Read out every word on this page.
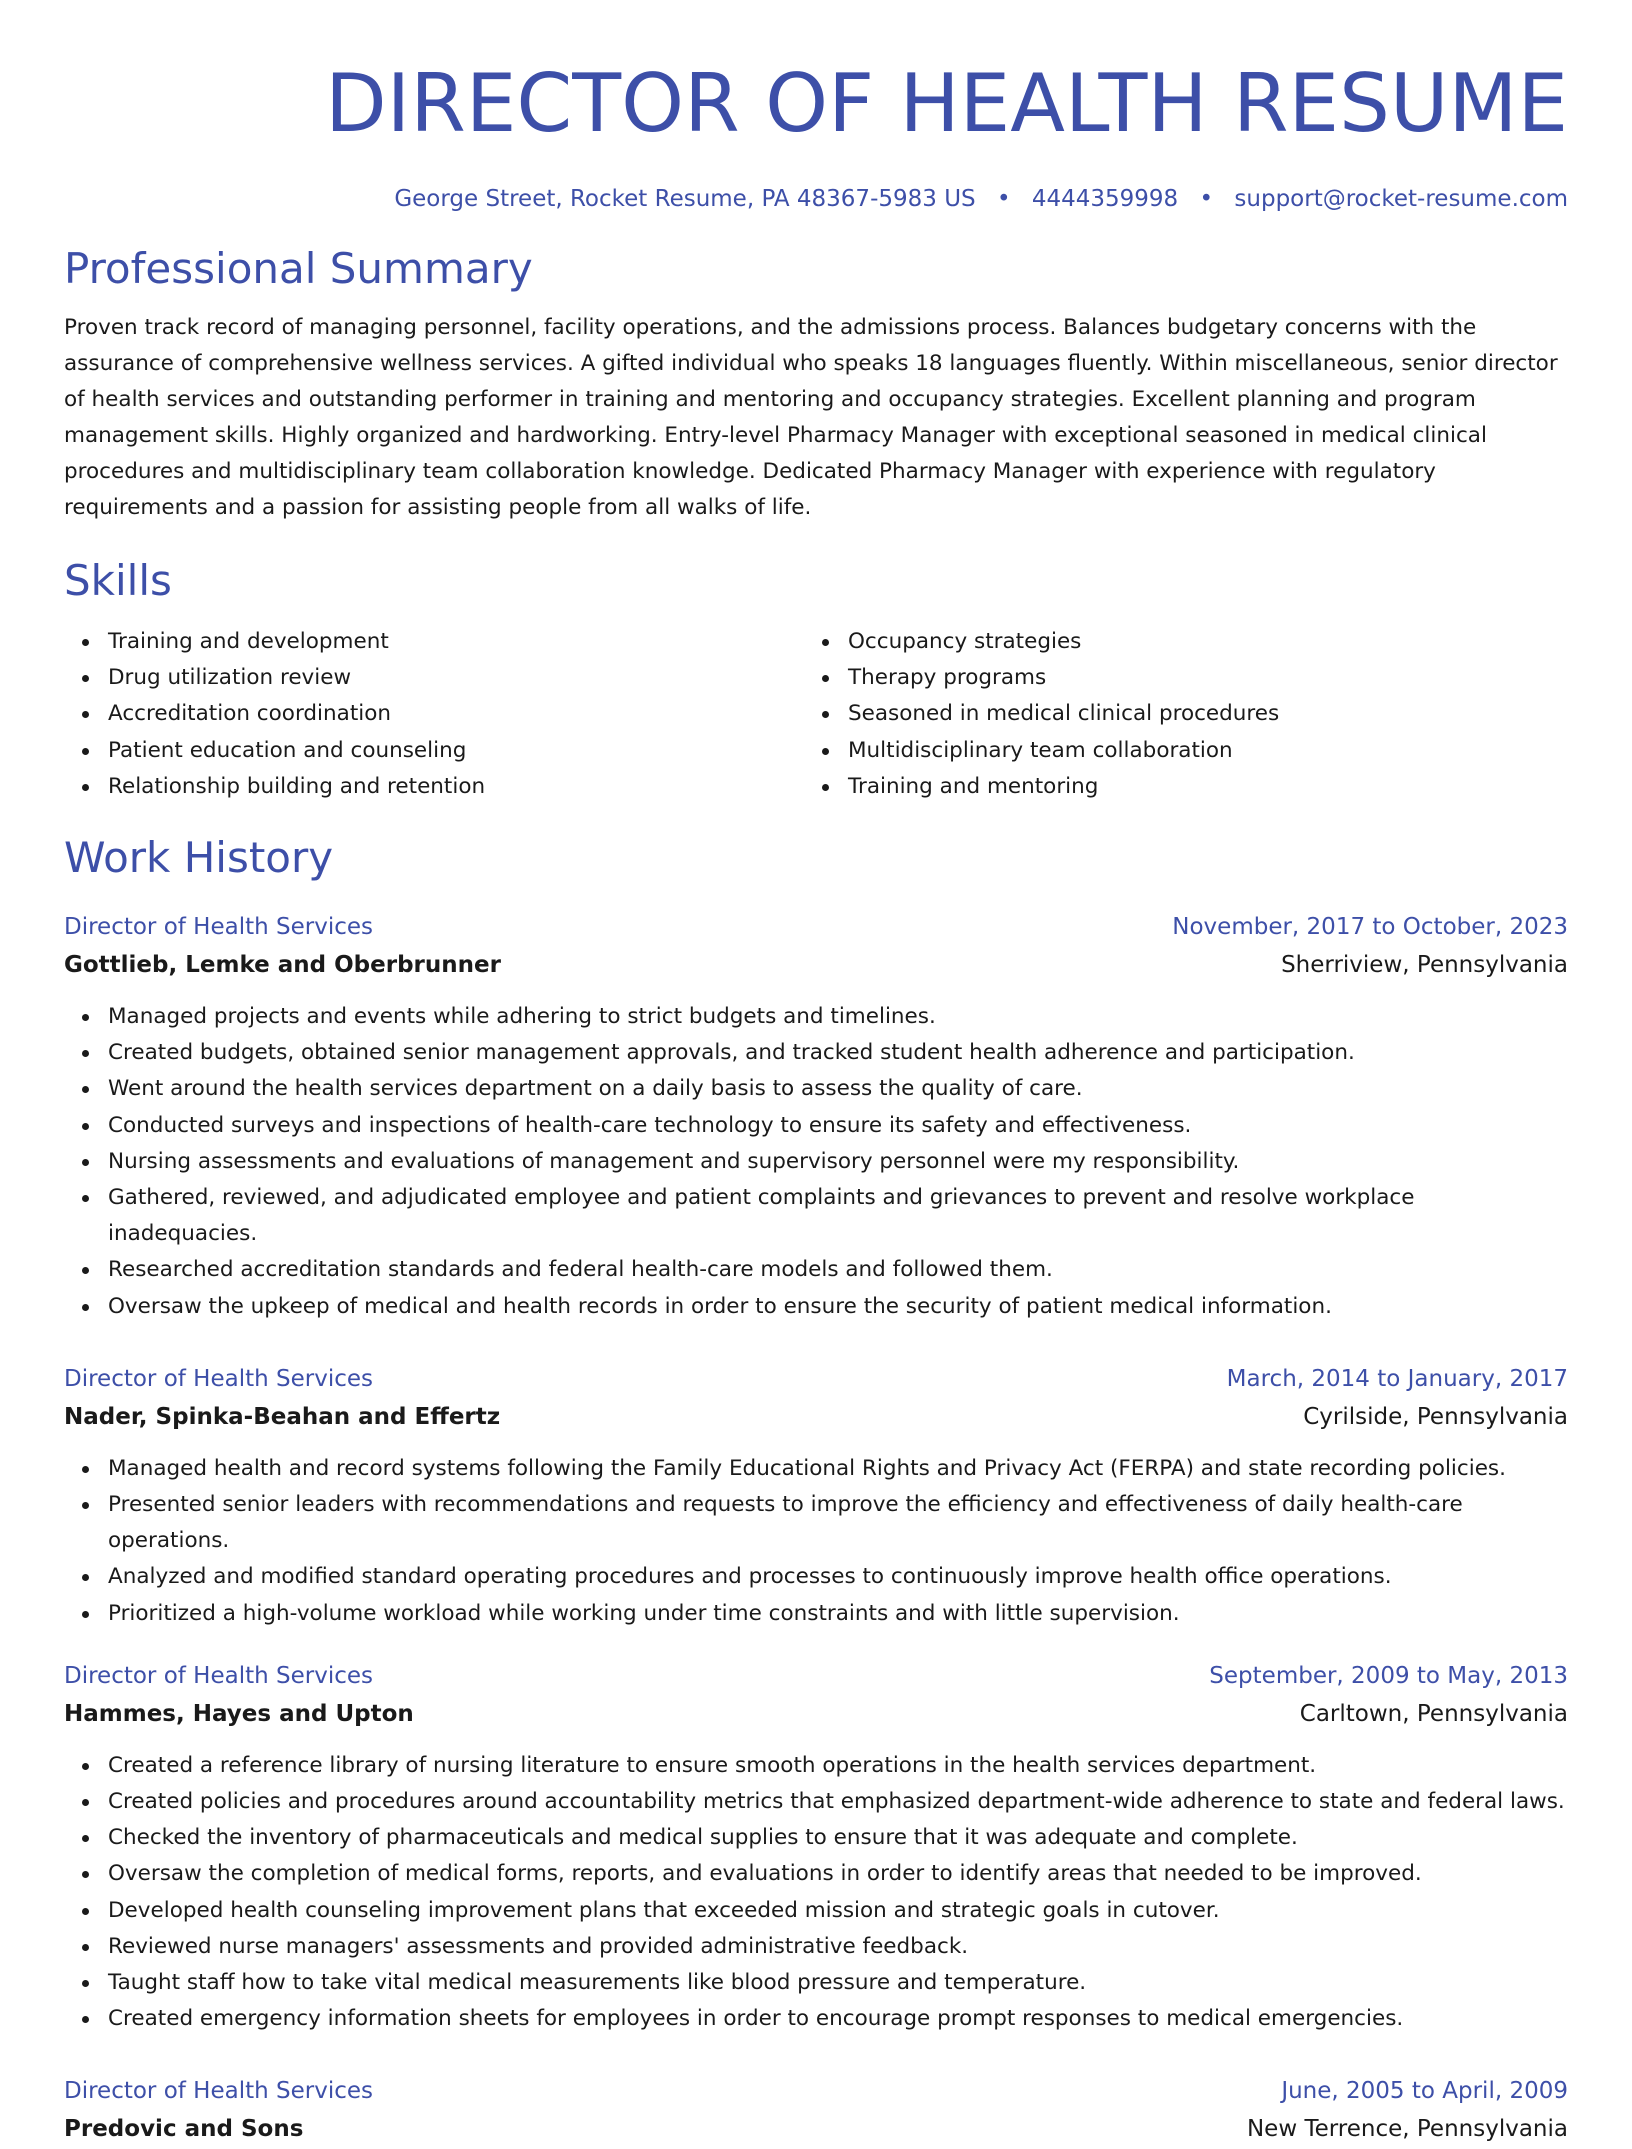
DIRECTOR OF HEALTH RESUME
George Street, Rocket Resume, PA 48367-5983 US • 4444359998 • support@rocket-resume.com
Professional Summary

Proven track record of managing personnel, facility operations, and the admissions process. Balances budgetary concerns with the assurance of comprehensive wellness services. A gifted individual who speaks 18 languages fluently. Within miscellaneous, senior director of health services and outstanding performer in training and mentoring and occupancy strategies. Excellent planning and program management skills. Highly organized and hardworking. Entry-level Pharmacy Manager with exceptional seasoned in medical clinical procedures and multidisciplinary team collaboration knowledge. Dedicated Pharmacy Manager with experience with regulatory requirements and a passion for assisting people from all walks of life.

Skills
Training and development
Drug utilization review
Accreditation coordination
Patient education and counseling
Relationship building and retention
Occupancy strategies
Therapy programs
Seasoned in medical clinical procedures
Multidisciplinary team collaboration
Training and mentoring
Work History
Director of Health Services	November, 2017 to October, 2023
Gottlieb, Lemke and Oberbrunner	Sherriview, Pennsylvania
Managed projects and events while adhering to strict budgets and timelines.
Created budgets, obtained senior management approvals, and tracked student health adherence and participation.
Went around the health services department on a daily basis to assess the quality of care.
Conducted surveys and inspections of health-care technology to ensure its safety and effectiveness.
Nursing assessments and evaluations of management and supervisory personnel were my responsibility.
Gathered, reviewed, and adjudicated employee and patient complaints and grievances to prevent and resolve workplace inadequacies.
Researched accreditation standards and federal health-care models and followed them.
Oversaw the upkeep of medical and health records in order to ensure the security of patient medical information.
Director of Health Services	March, 2014 to January, 2017
Nader, Spinka-Beahan and Effertz	Cyrilside, Pennsylvania
Managed health and record systems following the Family Educational Rights and Privacy Act (FERPA) and state recording policies.
Presented senior leaders with recommendations and requests to improve the efficiency and effectiveness of daily health-care operations.
Analyzed and modified standard operating procedures and processes to continuously improve health office operations.
Prioritized a high-volume workload while working under time constraints and with little supervision.
Director of Health Services	September, 2009 to May, 2013
Hammes, Hayes and Upton	Carltown, Pennsylvania
Created a reference library of nursing literature to ensure smooth operations in the health services department.
Created policies and procedures around accountability metrics that emphasized department-wide adherence to state and federal laws.
Checked the inventory of pharmaceuticals and medical supplies to ensure that it was adequate and complete.
Oversaw the completion of medical forms, reports, and evaluations in order to identify areas that needed to be improved.
Developed health counseling improvement plans that exceeded mission and strategic goals in cutover.
Reviewed nurse managers' assessments and provided administrative feedback.
Taught staff how to take vital medical measurements like blood pressure and temperature.
Created emergency information sheets for employees in order to encourage prompt responses to medical emergencies.
Director of Health Services	June, 2005 to April, 2009
Predovic and Sons	New Terrence, Pennsylvania
